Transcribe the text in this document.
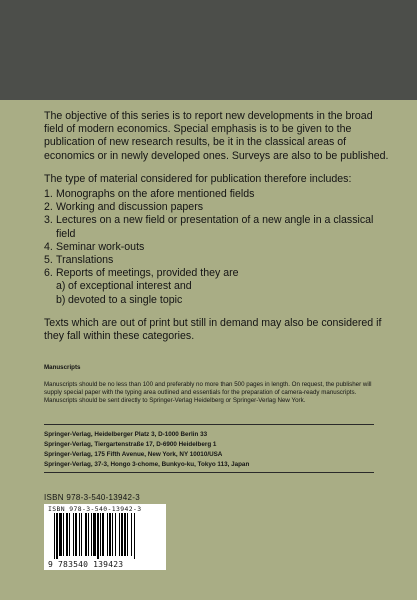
The objective of this series is to report new developments in the broad field of modern economics. Special emphasis is to be given to the publication of new research results, be it in the classical areas of economics or in newly developed ones. Surveys are also to be published.

The type of material considered for publication therefore includes:

1. Monographs on the afore mentioned fields
2. Working and discussion papers
3. Lectures on a new field or presentation of a new angle in a classical field
4. Seminar work-outs
5. Translations
6. Reports of meetings, provided they are
a) of exceptional interest and
b) devoted to a single topic

Texts which are out of print but still in demand may also be considered if they fall within these categories.

Manuscripts

Manuscripts should be no less than 100 and preferably no more than 500 pages in length. On request, the publisher will supply special paper with the typing area outlined and essentials for the preparation of camera-ready manuscripts. Manuscripts should be sent directly to Springer-Verlag Heidelberg or Springer-Verlag New York.

Springer-Verlag, Heidelberger Platz 3, D-1000 Berlin 33
Springer-Verlag, Tiergartenstraße 17, D-6900 Heidelberg 1
Springer-Verlag, 175 Fifth Avenue, New York, NY 10010/USA
Springer-Verlag, 37-3, Hongo 3-chome, Bunkyo-ku, Tokyo 113, Japan
ISBN 978-3-540-13942-3
ISBN 978-3-540-13942-3
9 783540 139423
